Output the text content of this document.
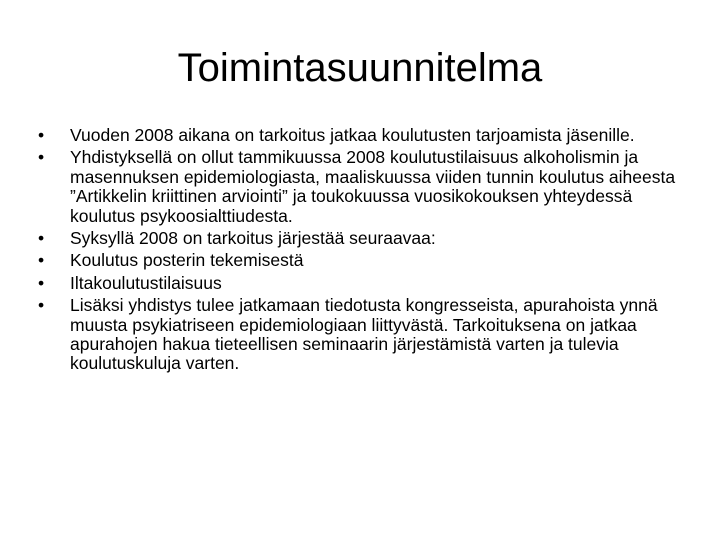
Toimintasuunnitelma
•	Vuoden 2008 aikana on tarkoitus jatkaa koulutusten tarjoamista jäsenille.
•	Yhdistyksellä on ollut tammikuussa 2008 koulutustilaisuus alkoholismin ja masennuksen epidemiologiasta, maaliskuussa viiden tunnin koulutus aiheesta ”Artikkelin kriittinen arviointi” ja toukokuussa vuosikokouksen yhteydessä koulutus psykoosialttiudesta.
•	Syksyllä 2008 on tarkoitus järjestää seuraavaa:
•	Koulutus posterin tekemisestä
•	Iltakoulutustilaisuus
•	Lisäksi yhdistys tulee jatkamaan tiedotusta kongresseista, apurahoista ynnä muusta psykiatriseen epidemiologiaan liittyvästä. Tarkoituksena on jatkaa apurahojen hakua tieteellisen seminaarin järjestämistä varten ja tulevia koulutuskuluja varten.
